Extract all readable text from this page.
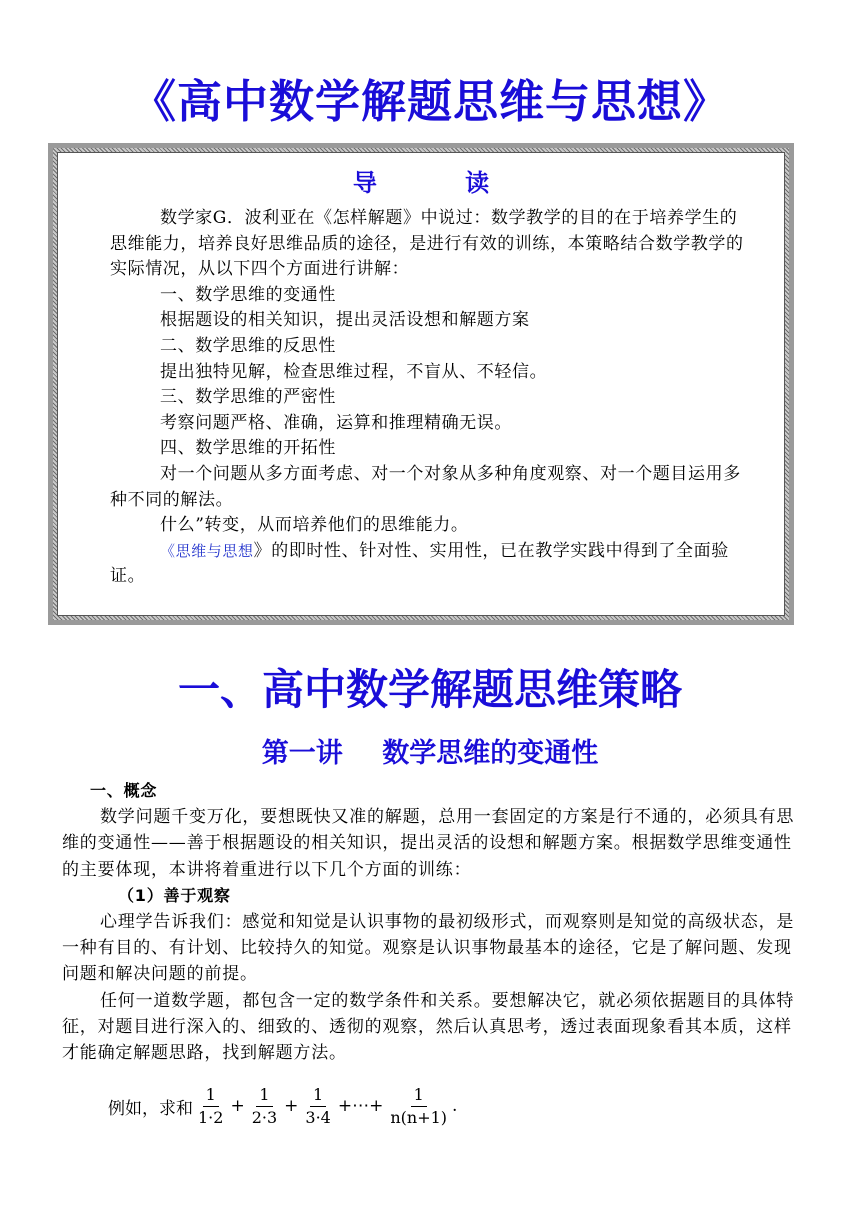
《高中数学解题思维与思想》
导 读

数学家G．波利亚在《怎样解题》中说过：数学教学的目的在于培养学生的思维能力，培养良好思维品质的途径，是进行有效的训练，本策略结合数学教学的实际情况，从以下四个方面进行讲解：

一、数学思维的变通性

根据题设的相关知识，提出灵活设想和解题方案

二、数学思维的反思性

提出独特见解，检查思维过程，不盲从、不轻信。

三、数学思维的严密性

考察问题严格、准确，运算和推理精确无误。

四、数学思维的开拓性

对一个问题从多方面考虑、对一个对象从多种角度观察、对一个题目运用多种不同的解法。

什么”转变，从而培养他们的思维能力。

《思维与思想》的即时性、针对性、实用性，已在教学实践中得到了全面验证。

一、高中数学解题思维策略
第一讲 数学思维的变通性

一、概念

数学问题千变万化，要想既快又准的解题，总用一套固定的方案是行不通的，必须具有思维的变通性——善于根据题设的相关知识，提出灵活的设想和解题方案。根据数学思维变通性的主要体现，本讲将着重进行以下几个方面的训练：

（1）善于观察

心理学告诉我们：感觉和知觉是认识事物的最初级形式，而观察则是知觉的高级状态，是一种有目的、有计划、比较持久的知觉。观察是认识事物最基本的途径，它是了解问题、发现问题和解决问题的前提。

任何一道数学题，都包含一定的数学条件和关系。要想解决它，就必须依据题目的具体特征，对题目进行深入的、细致的、透彻的观察，然后认真思考，透过表面现象看其本质，这样才能确定解题思路，找到解题方法。

例如，求和 $\frac{1}{1\cdot 2} + \frac{1}{2\cdot 3} + \frac{1}{3\cdot 4}$ +⋯+ $\frac{1}{n(n+1)}$ .
